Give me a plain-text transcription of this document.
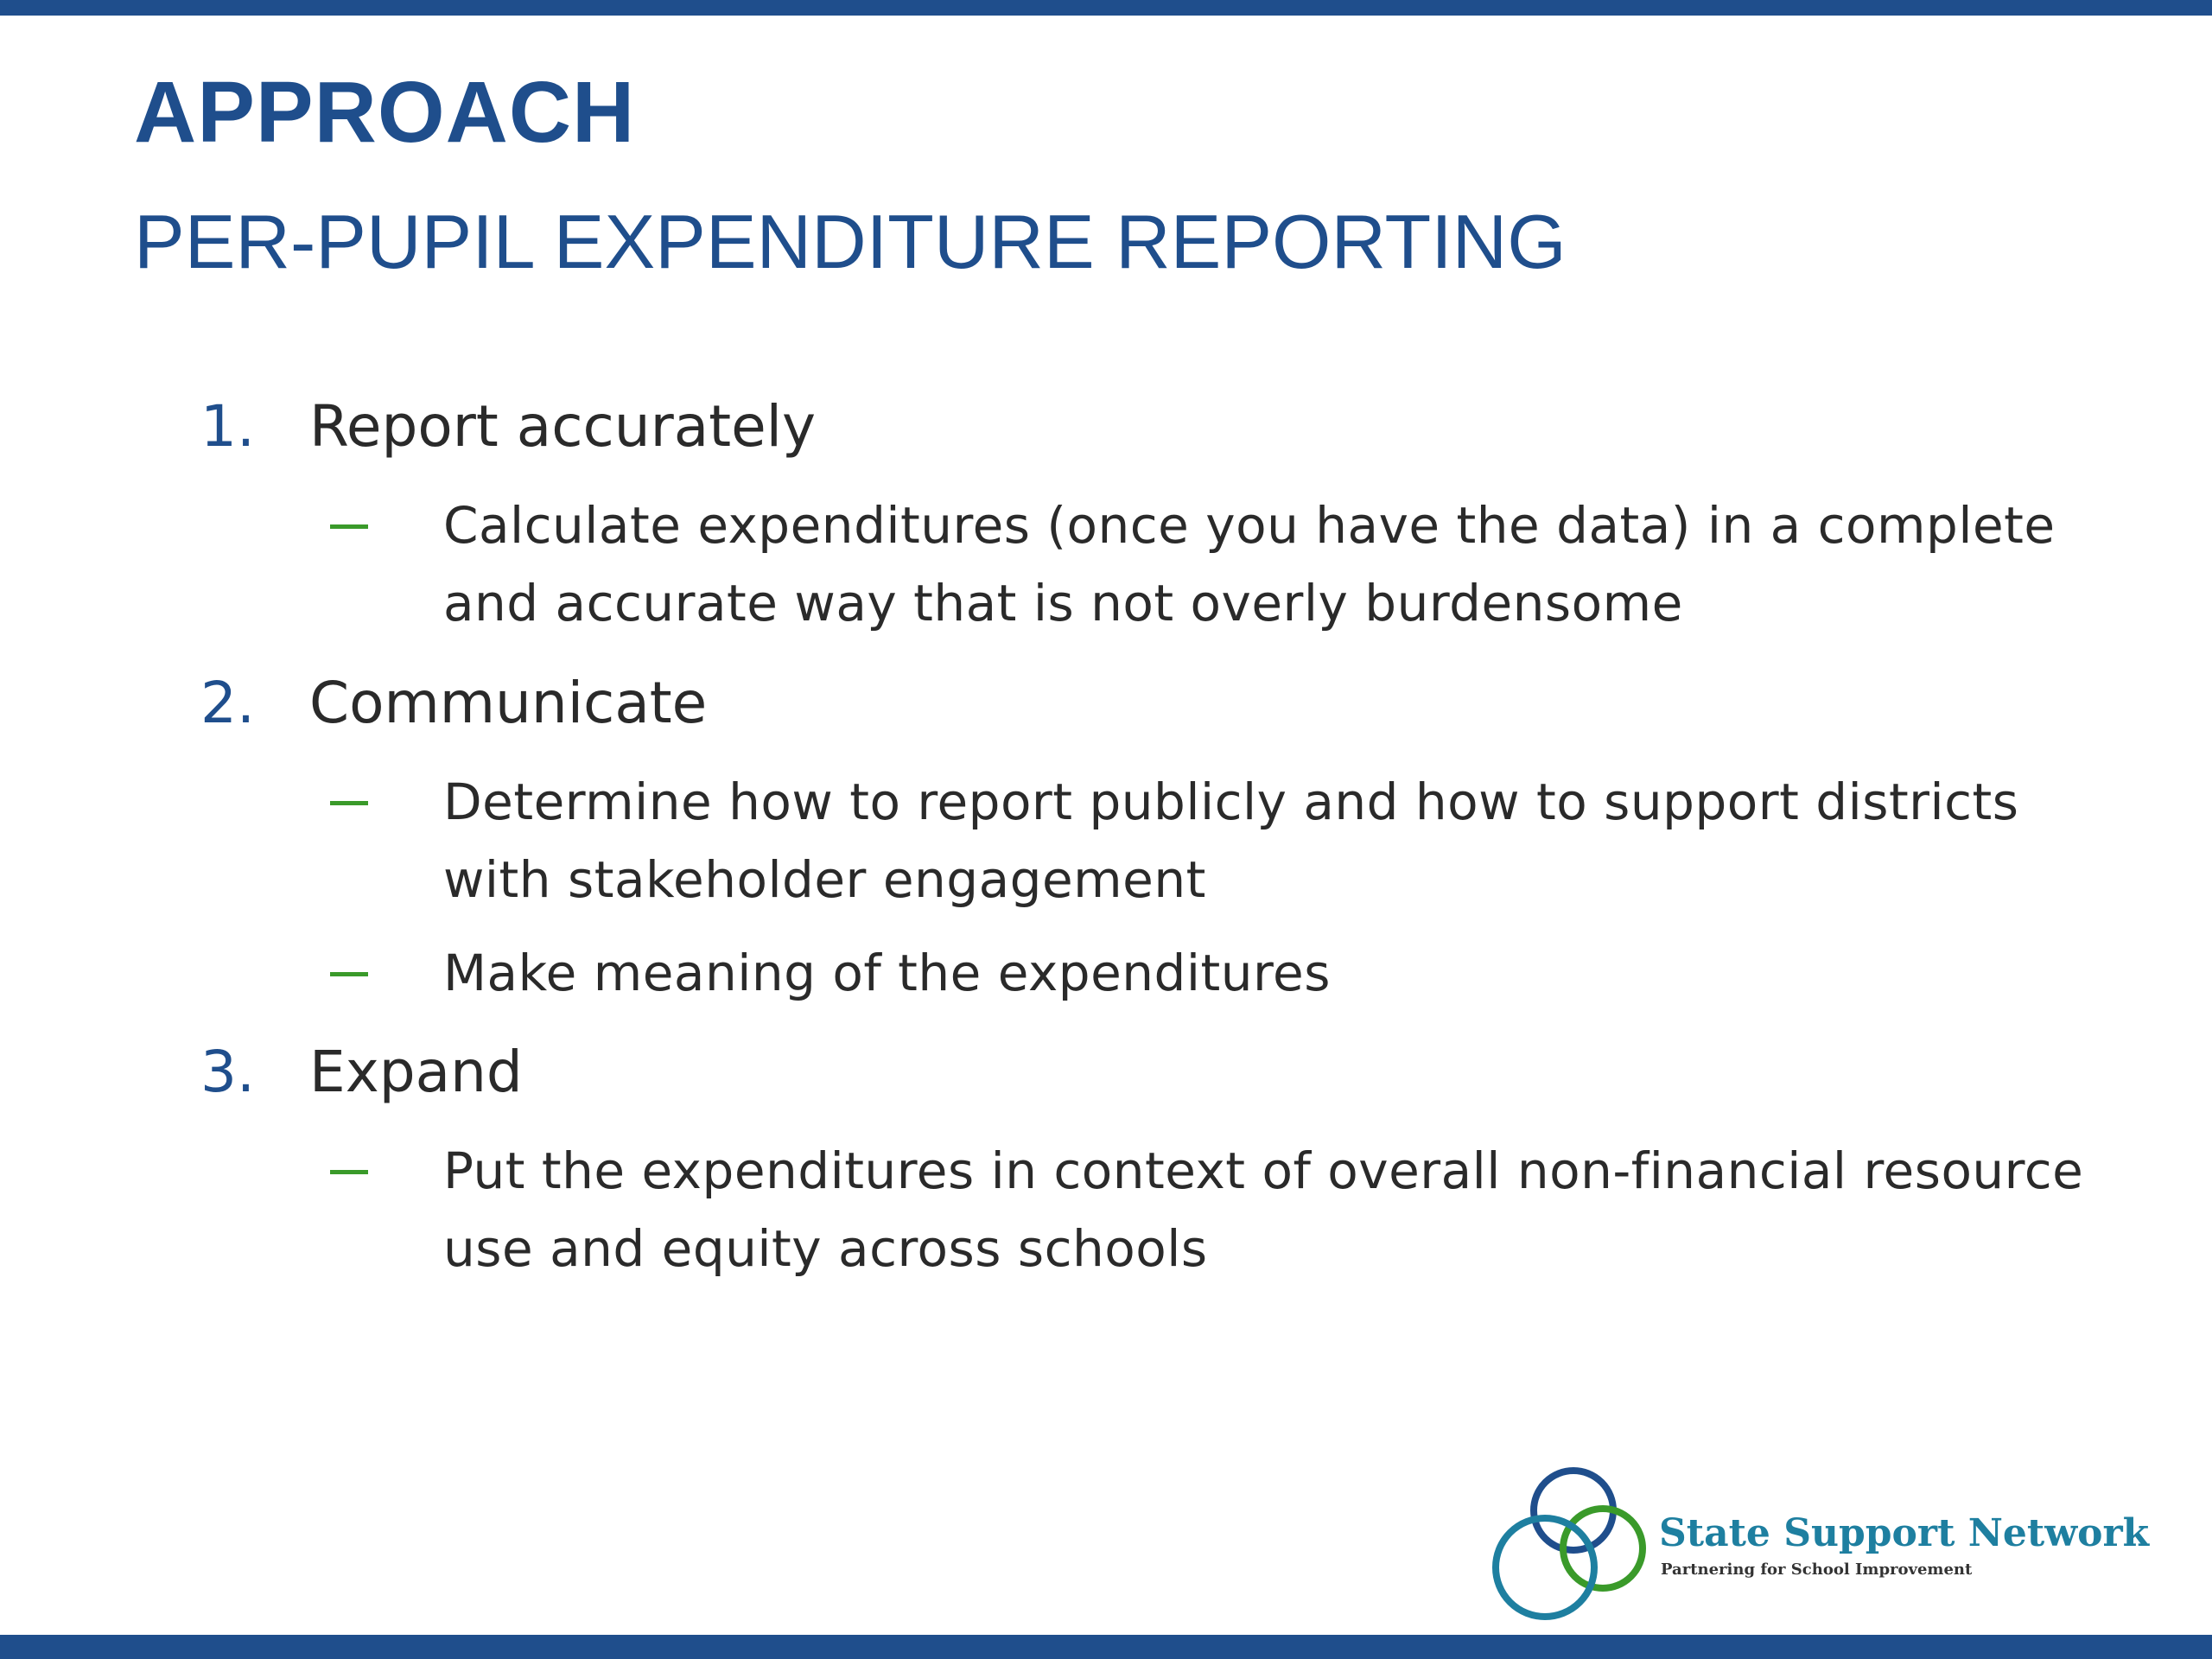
APPROACH
PER-PUPIL EXPENDITURE REPORTING
1. Report accurately
Calculate expenditures (once you have the data) in a complete and accurate way that is not overly burdensome
2. Communicate
Determine how to report publicly and how to support districts with stakeholder engagement
Make meaning of the expenditures
3. Expand
Put the expenditures in context of overall non-financial resource use and equity across schools
State Support Network
Partnering for School Improvement
